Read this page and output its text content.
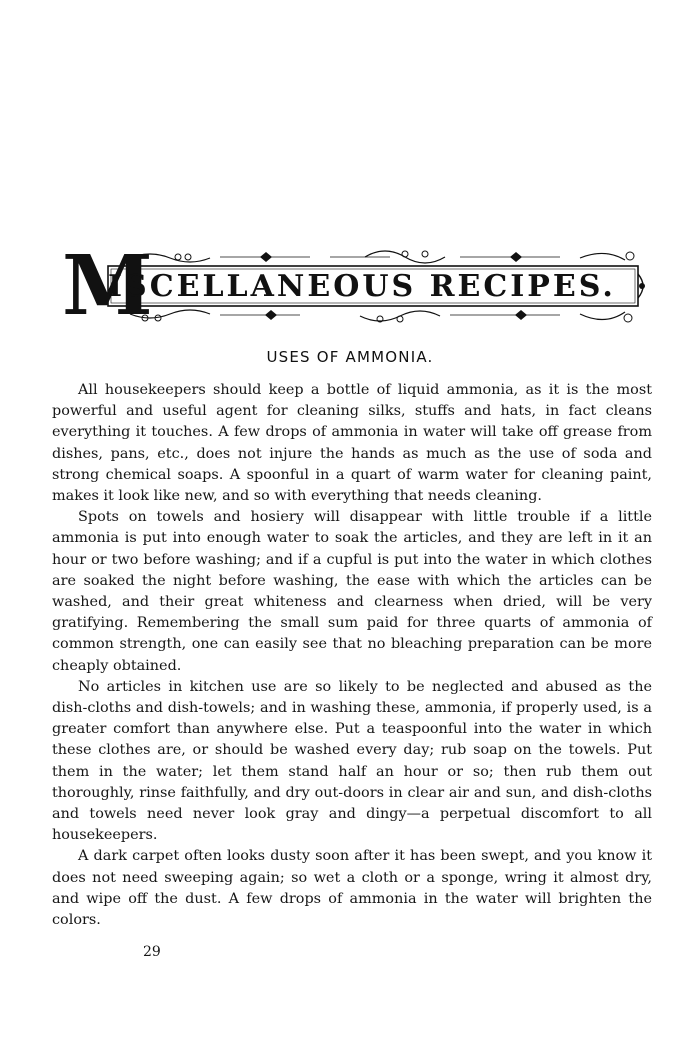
M
ISCELLANEOUS RECIPES.
USES OF AMMONIA.

All housekeepers should keep a bottle of liquid ammonia, as it is the most powerful and useful agent for cleaning silks, stuffs and hats, in fact cleans everything it touches. A few drops of ammonia in water will take off grease from dishes, pans, etc., does not injure the hands as much as the use of soda and strong chemical soaps. A spoonful in a quart of warm water for cleaning paint, makes it look like new, and so with everything that needs cleaning.

Spots on towels and hosiery will disappear with little trouble if a little ammonia is put into enough water to soak the articles, and they are left in it an hour or two before washing; and if a cupful is put into the water in which clothes are soaked the night before washing, the ease with which the articles can be washed, and their great whiteness and clearness when dried, will be very gratifying. Remembering the small sum paid for three quarts of ammonia of common strength, one can easily see that no bleaching preparation can be more cheaply obtained.

No articles in kitchen use are so likely to be neglected and abused as the dish-cloths and dish-towels; and in washing these, ammonia, if properly used, is a greater comfort than anywhere else. Put a teaspoonful into the water in which these clothes are, or should be washed every day; rub soap on the towels. Put them in the water; let them stand half an hour or so; then rub them out thoroughly, rinse faithfully, and dry out-doors in clear air and sun, and dish-cloths and towels need never look gray and dingy—a perpetual discomfort to all housekeepers.

A dark carpet often looks dusty soon after it has been swept, and you know it does not need sweeping again; so wet a cloth or a sponge, wring it almost dry, and wipe off the dust. A few drops of ammonia in the water will brighten the colors.

29
